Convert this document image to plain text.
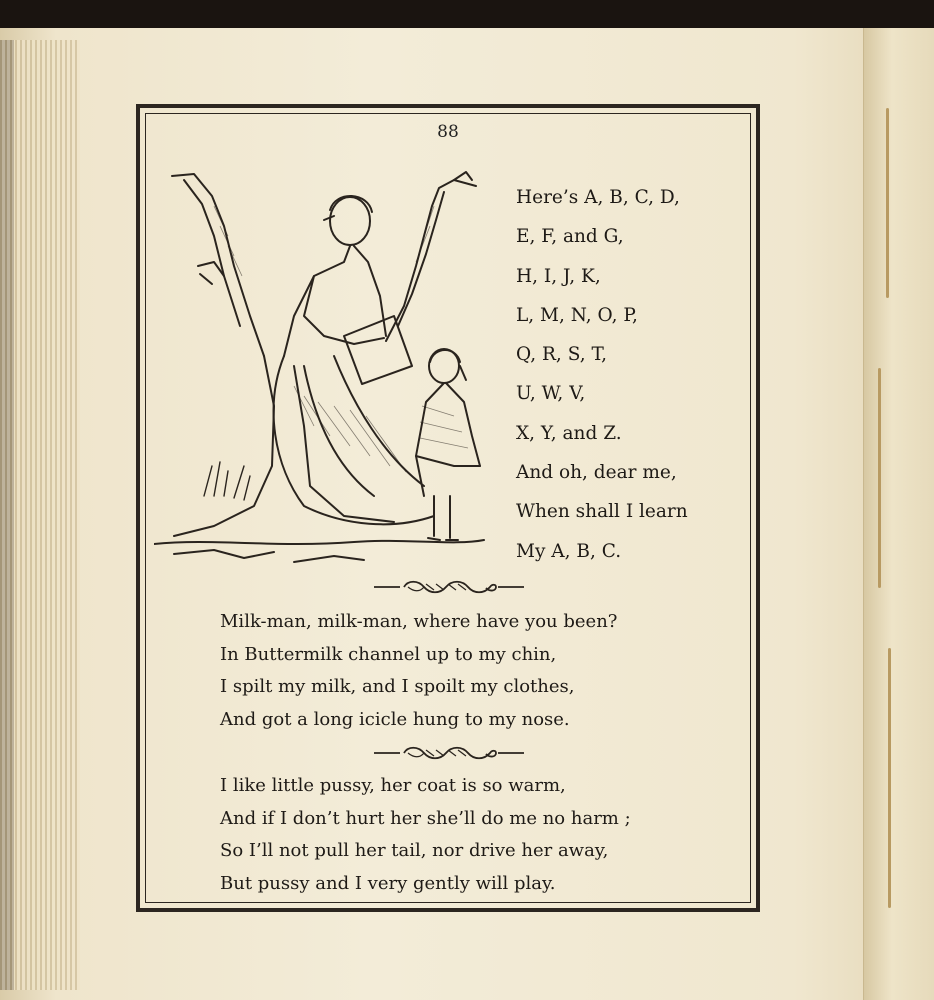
88
Here’s A, B, C, D,
E, F, and G,
H, I, J, K,
L, M, N, O, P,
Q, R, S, T,
U, W, V,
X, Y, and Z.
And oh, dear me,
When shall I learn
My A, B, C.
Milk-man, milk-man, where have you been?
In Buttermilk channel up to my chin,
I spilt my milk, and I spoilt my clothes,
And got a long icicle hung to my nose.
I like little pussy, her coat is so warm,
And if I don’t hurt her she’ll do me no harm ;
So I’ll not pull her tail, nor drive her away,
But pussy and I very gently will play.
